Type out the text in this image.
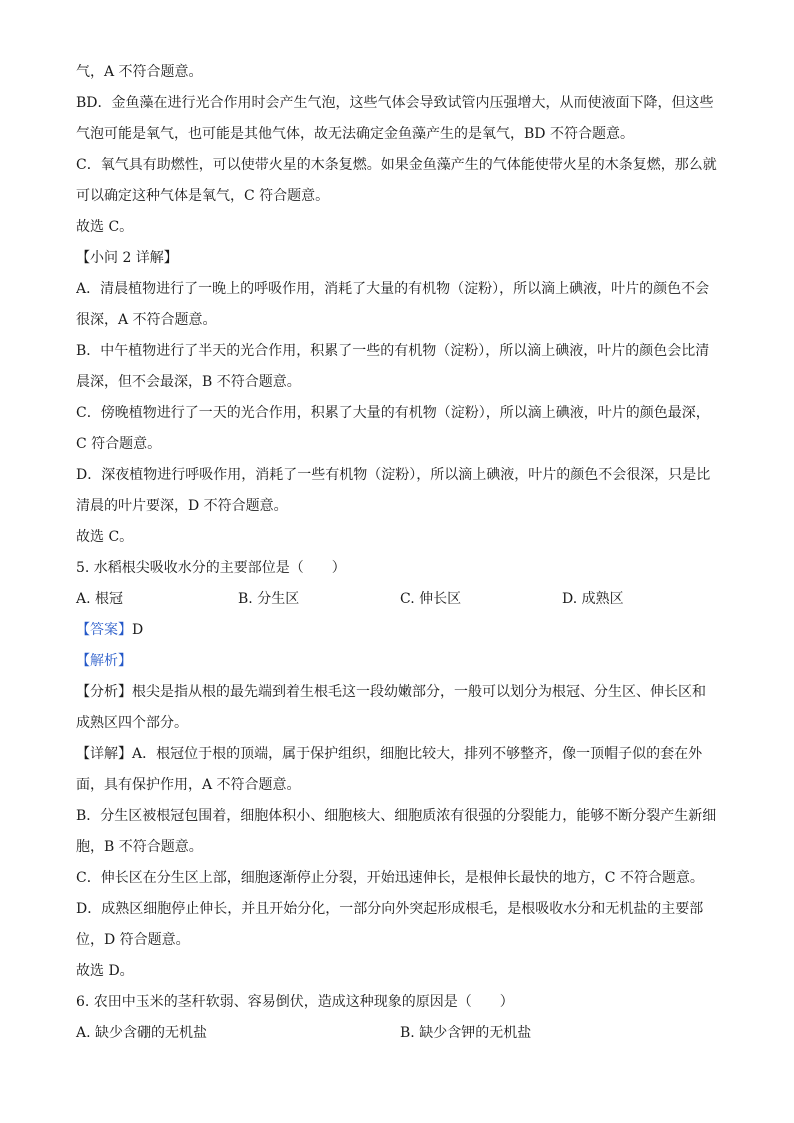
气，A 不符合题意。
BD．金鱼藻在进行光合作用时会产生气泡，这些气体会导致试管内压强增大，从而使液面下降，但这些
气泡可能是氧气，也可能是其他气体，故无法确定金鱼藻产生的是氧气，BD 不符合题意。
C．氧气具有助燃性，可以使带火星的木条复燃。如果金鱼藻产生的气体能使带火星的木条复燃，那么就
可以确定这种气体是氧气，C 符合题意。
故选 C。
【小问 2 详解】
A．清晨植物进行了一晚上的呼吸作用，消耗了大量的有机物（淀粉），所以滴上碘液，叶片的颜色不会
很深，A 不符合题意。
B．中午植物进行了半天的光合作用，积累了一些的有机物（淀粉），所以滴上碘液，叶片的颜色会比清
晨深，但不会最深，B 不符合题意。
C．傍晚植物进行了一天的光合作用，积累了大量的有机物（淀粉），所以滴上碘液，叶片的颜色最深，
C 符合题意。
D．深夜植物进行呼吸作用，消耗了一些有机物（淀粉），所以滴上碘液，叶片的颜色不会很深，只是比
清晨的叶片要深，D 不符合题意。
故选 C。
5. 水稻根尖吸收水分的主要部位是（　　）
A. 根冠	B. 分生区	C. 伸长区	D. 成熟区
【答案】D
【解析】
【分析】根尖是指从根的最先端到着生根毛这一段幼嫩部分，一般可以划分为根冠、分生区、伸长区和
成熟区四个部分。
【详解】A．根冠位于根的顶端，属于保护组织，细胞比较大，排列不够整齐，像一顶帽子似的套在外
面，具有保护作用，A 不符合题意。
B．分生区被根冠包围着，细胞体积小、细胞核大、细胞质浓有很强的分裂能力，能够不断分裂产生新细
胞，B 不符合题意。
C．伸长区在分生区上部，细胞逐渐停止分裂，开始迅速伸长，是根伸长最快的地方，C 不符合题意。
D．成熟区细胞停止伸长，并且开始分化，一部分向外突起形成根毛，是根吸收水分和无机盐的主要部
位，D 符合题意。
故选 D。
6. 农田中玉米的茎秆软弱、容易倒伏，造成这种现象的原因是（　　）
A. 缺少含硼的无机盐	B. 缺少含钾的无机盐
